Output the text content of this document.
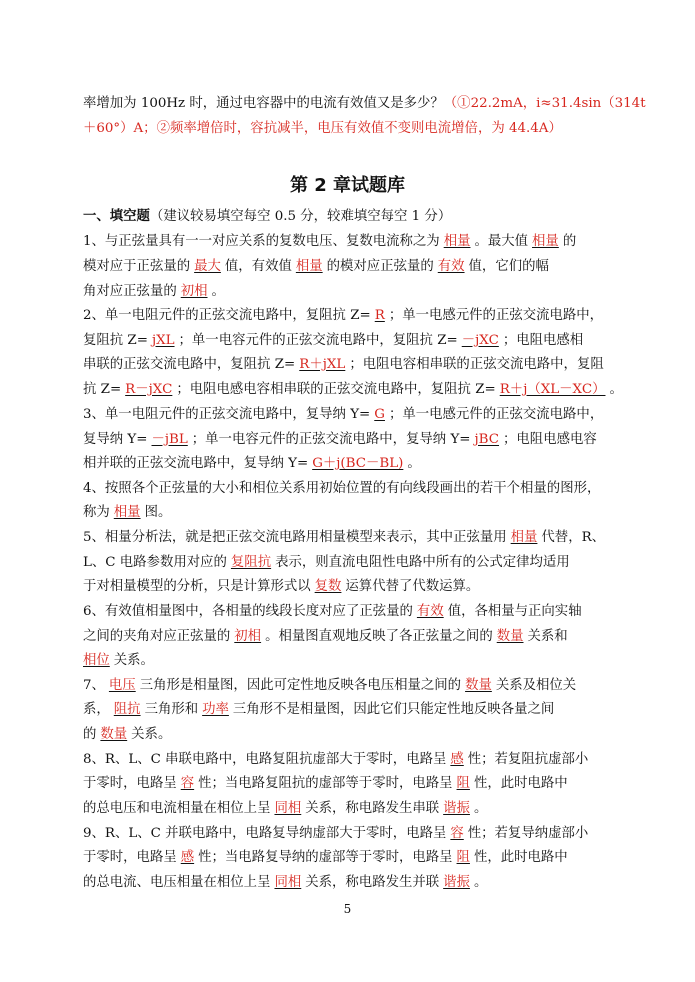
率增加为 100Hz 时，通过电容器中的电流有效值又是多少？（①22.2mA，i≈31.4sin（314t
＋60°）A；②频率增倍时，容抗减半，电压有效值不变则电流增倍，为 44.4A）
第 2 章试题库
一、填空题（建议较易填空每空 0.5 分，较难填空每空 1 分）
1、与正弦量具有一一对应关系的复数电压、复数电流称之为 相量 。最大值 相量 的
模对应于正弦量的 最大 值，有效值 相量 的模对应正弦量的 有效 值，它们的幅
角对应正弦量的 初相 。
2、单一电阻元件的正弦交流电路中，复阻抗 Z= R ；单一电感元件的正弦交流电路中，
复阻抗 Z= jXL ；单一电容元件的正弦交流电路中，复阻抗 Z= －jXC ；电阻电感相
串联的正弦交流电路中，复阻抗 Z= R＋jXL ；电阻电容相串联的正弦交流电路中，复阻
抗 Z= R－jXC ；电阻电感电容相串联的正弦交流电路中，复阻抗 Z= R＋j（XL－XC） 。
3、单一电阻元件的正弦交流电路中，复导纳 Y= G ；单一电感元件的正弦交流电路中，
复导纳 Y= －jBL ；单一电容元件的正弦交流电路中，复导纳 Y= jBC ；电阻电感电容
相并联的正弦交流电路中，复导纳 Y= G＋j(BC－BL) 。
4、按照各个正弦量的大小和相位关系用初始位置的有向线段画出的若干个相量的图形，
称为 相量 图。
5、相量分析法，就是把正弦交流电路用相量模型来表示，其中正弦量用 相量 代替，R、
L、C 电路参数用对应的 复阻抗 表示，则直流电阻性电路中所有的公式定律均适用
于对相量模型的分析，只是计算形式以 复数 运算代替了代数运算。
6、有效值相量图中，各相量的线段长度对应了正弦量的 有效 值，各相量与正向实轴
之间的夹角对应正弦量的 初相 。相量图直观地反映了各正弦量之间的 数量 关系和
相位 关系。
7、 电压 三角形是相量图，因此可定性地反映各电压相量之间的 数量 关系及相位关
系， 阻抗 三角形和 功率 三角形不是相量图，因此它们只能定性地反映各量之间
的 数量 关系。
8、R、L、C 串联电路中，电路复阻抗虚部大于零时，电路呈 感 性；若复阻抗虚部小
于零时，电路呈 容 性；当电路复阻抗的虚部等于零时，电路呈 阻 性，此时电路中
的总电压和电流相量在相位上呈 同相 关系，称电路发生串联 谐振 。
9、R、L、C 并联电路中，电路复导纳虚部大于零时，电路呈 容 性；若复导纳虚部小
于零时，电路呈 感 性；当电路复导纳的虚部等于零时，电路呈 阻 性，此时电路中
的总电流、电压相量在相位上呈 同相 关系，称电路发生并联 谐振 。
5
